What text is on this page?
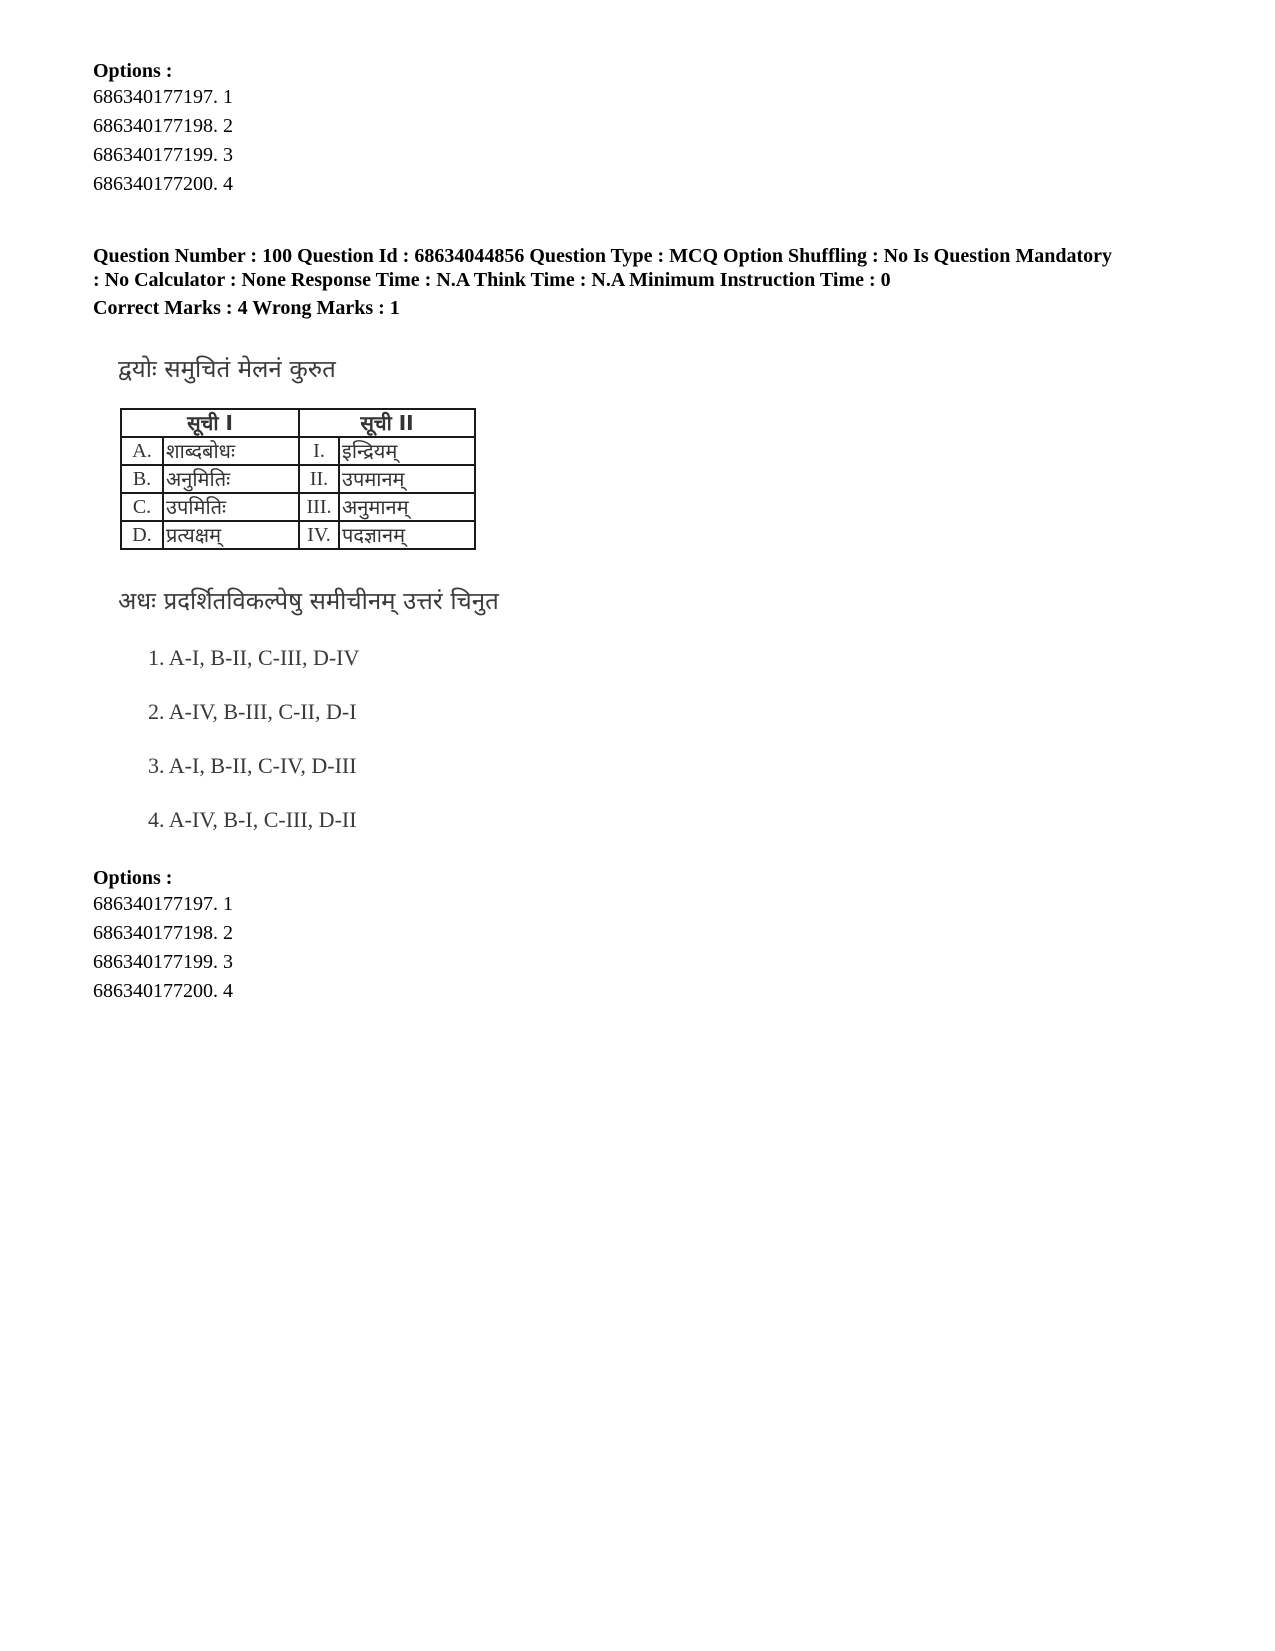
Options :

686340177197. 1

686340177198. 2

686340177199. 3

686340177200. 4

Question Number : 100 Question Id : 68634044856 Question Type : MCQ Option Shuffling : No Is Question Mandatory

: No Calculator : None Response Time : N.A Think Time : N.A Minimum Instruction Time : 0

Correct Marks : 4 Wrong Marks : 1

द्वयोः समुचितं मेलनं कुरुत
सूची I		सूची II	
A.	शाब्दबोधः	I.	इन्द्रियम्
B.	अनुमितिः	II.	उपमानम्
C.	उपमितिः	III.	अनुमानम्
D.	प्रत्यक्षम्	IV.	पदज्ञानम्
अधः प्रदर्शितविकल्पेषु समीचीनम् उत्तरं चिनुत
1. A-I, B-II, C-III, D-IV
2. A-IV, B-III, C-II, D-I
3. A-I, B-II, C-IV, D-III
4. A-IV, B-I, C-III, D-II

Options :

686340177197. 1

686340177198. 2

686340177199. 3

686340177200. 4
